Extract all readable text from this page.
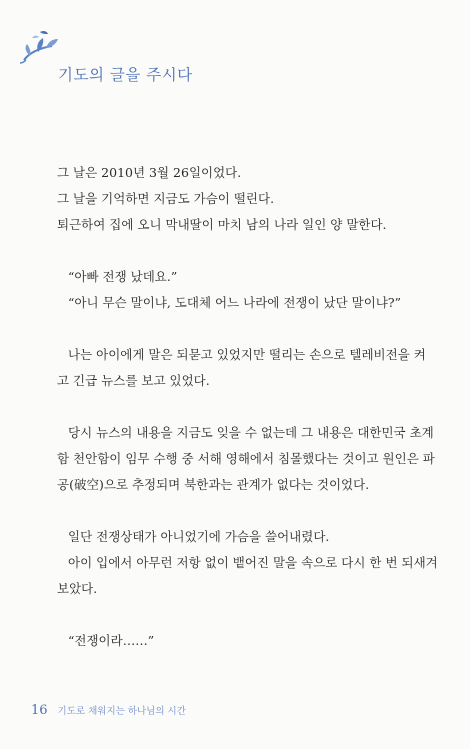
기도의 글을 주시다

그 날은 2010년 3월 26일이었다.
그 날을 기억하면 지금도 가슴이 떨린다.
퇴근하여 집에 오니 막내딸이 마치 남의 나라 일인 양 말한다.

“아빠 전쟁 났데요.”
“아니 무슨 말이냐, 도대체 어느 나라에 전쟁이 났단 말이냐?”

나는 아이에게 말은 되묻고 있었지만 떨리는 손으로 텔레비전을 켜
고 긴급 뉴스를 보고 있었다.

당시 뉴스의 내용을 지금도 잊을 수 없는데 그 내용은 대한민국 초계
함 천안함이 임무 수행 중 서해 영해에서 침몰했다는 것이고 원인은 파
공(破空)으로 추정되며 북한과는 관계가 없다는 것이었다.

일단 전쟁상태가 아니었기에 가슴을 쓸어내렸다.
아이 입에서 아무런 저항 없이 뱉어진 말을 속으로 다시 한 번 되새겨
보았다.

“전쟁이라……”

16 기도로 채워지는 하나님의 시간
